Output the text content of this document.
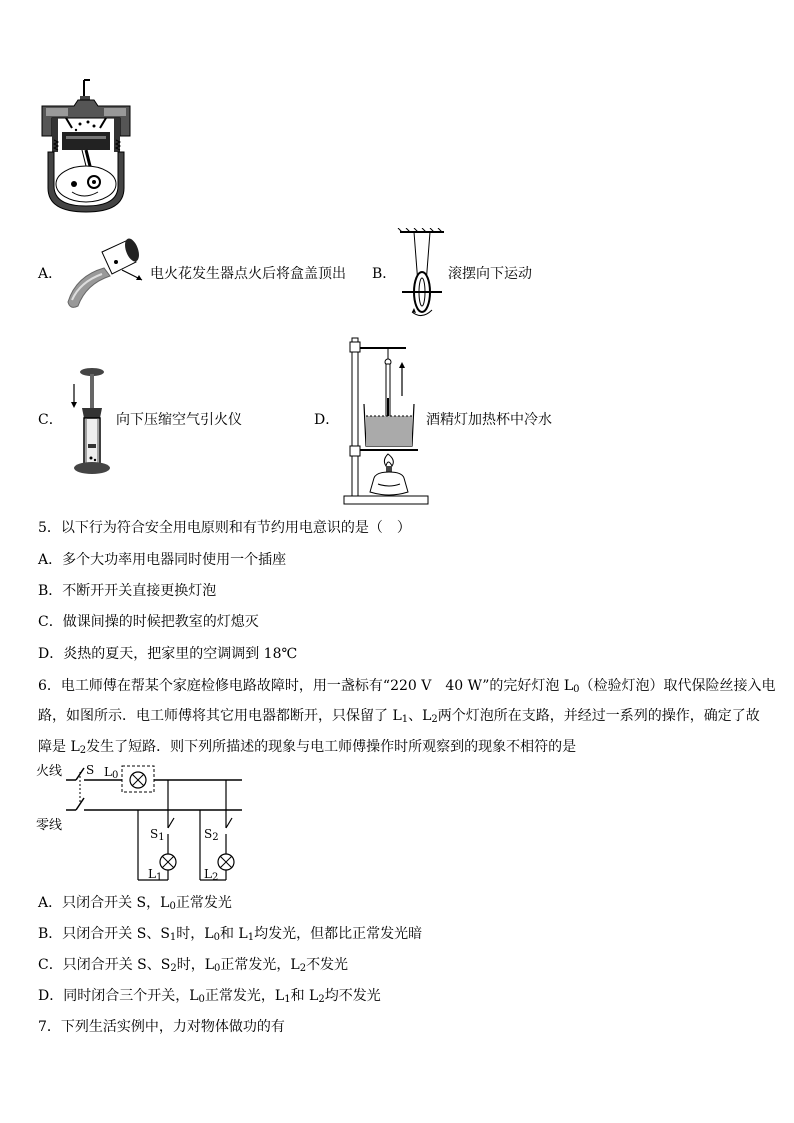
A．	电火花发生器点火后将盒盖顶出 B．	滚摆向下运动
C．	向下压缩空气引火仪	D．	酒精灯加热杯中冷水
5．以下行为符合安全用电原则和有节约用电意识的是（　）
A．多个大功率用电器同时使用一个插座
B．不断开开关直接更换灯泡
C．做课间操的时候把教室的灯熄灭
D．炎热的夏天，把家里的空调调到 18℃
6．电工师傅在帮某个家庭检修电路故障时，用一盏标有“220 V　40 W”的完好灯泡 $L_0$（检验灯泡）取代保险丝接入电
路，如图所示．电工师傅将其它用电器都断开，只保留了 $L_1$、$L_2$两个灯泡所在支路，并经过一系列的操作，确定了故
障是 $L_2$发生了短路．则下列所描述的现象与电工师傅操作时所观察到的现象不相符的是
火线
零线
S $L_0$
$S_1$	$S_2$
$L_1$	$L_2$
A．只闭合开关 S，$L_0$正常发光
B．只闭合开关 S、$S_1$时，$L_0$和 $L_1$均发光，但都比正常发光暗
C．只闭合开关 S、$S_2$时，$L_0$正常发光，$L_2$不发光
D．同时闭合三个开关，$L_0$正常发光，$L_1$和 $L_2$均不发光
7．下列生活实例中，力对物体做功的有
